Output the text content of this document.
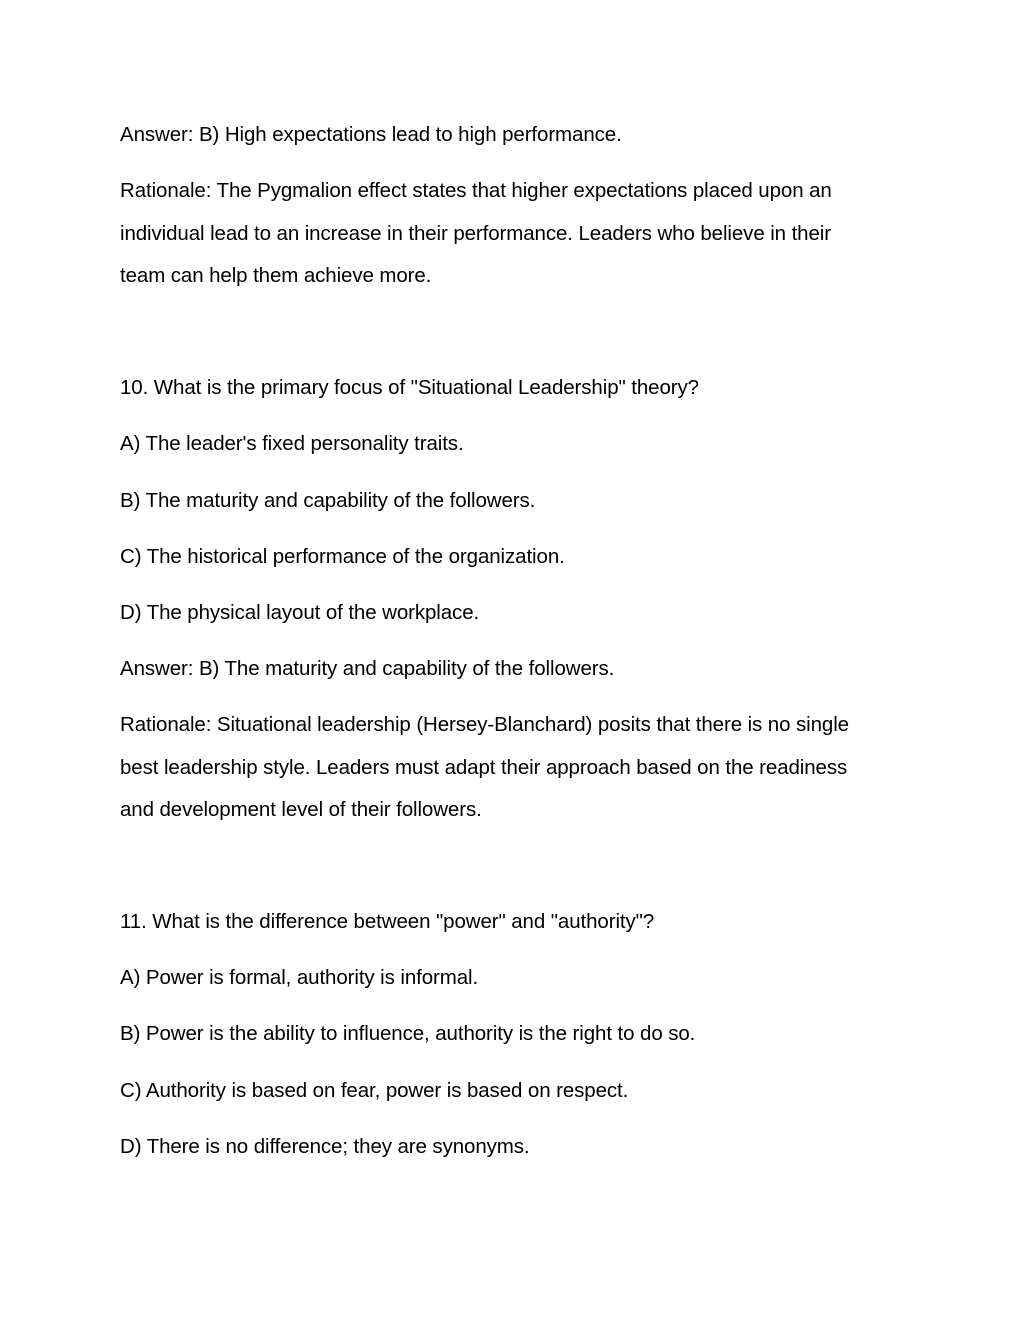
Answer: B) High expectations lead to high performance.
Rationale: The Pygmalion effect states that higher expectations placed upon an
individual lead to an increase in their performance. Leaders who believe in their
team can help them achieve more.
10. What is the primary focus of "Situational Leadership" theory?
A) The leader's fixed personality traits.
B) The maturity and capability of the followers.
C) The historical performance of the organization.
D) The physical layout of the workplace.
Answer: B) The maturity and capability of the followers.
Rationale: Situational leadership (Hersey-Blanchard) posits that there is no single
best leadership style. Leaders must adapt their approach based on the readiness
and development level of their followers.
11. What is the difference between "power" and "authority"?
A) Power is formal, authority is informal.
B) Power is the ability to influence, authority is the right to do so.
C) Authority is based on fear, power is based on respect.
D) There is no difference; they are synonyms.
